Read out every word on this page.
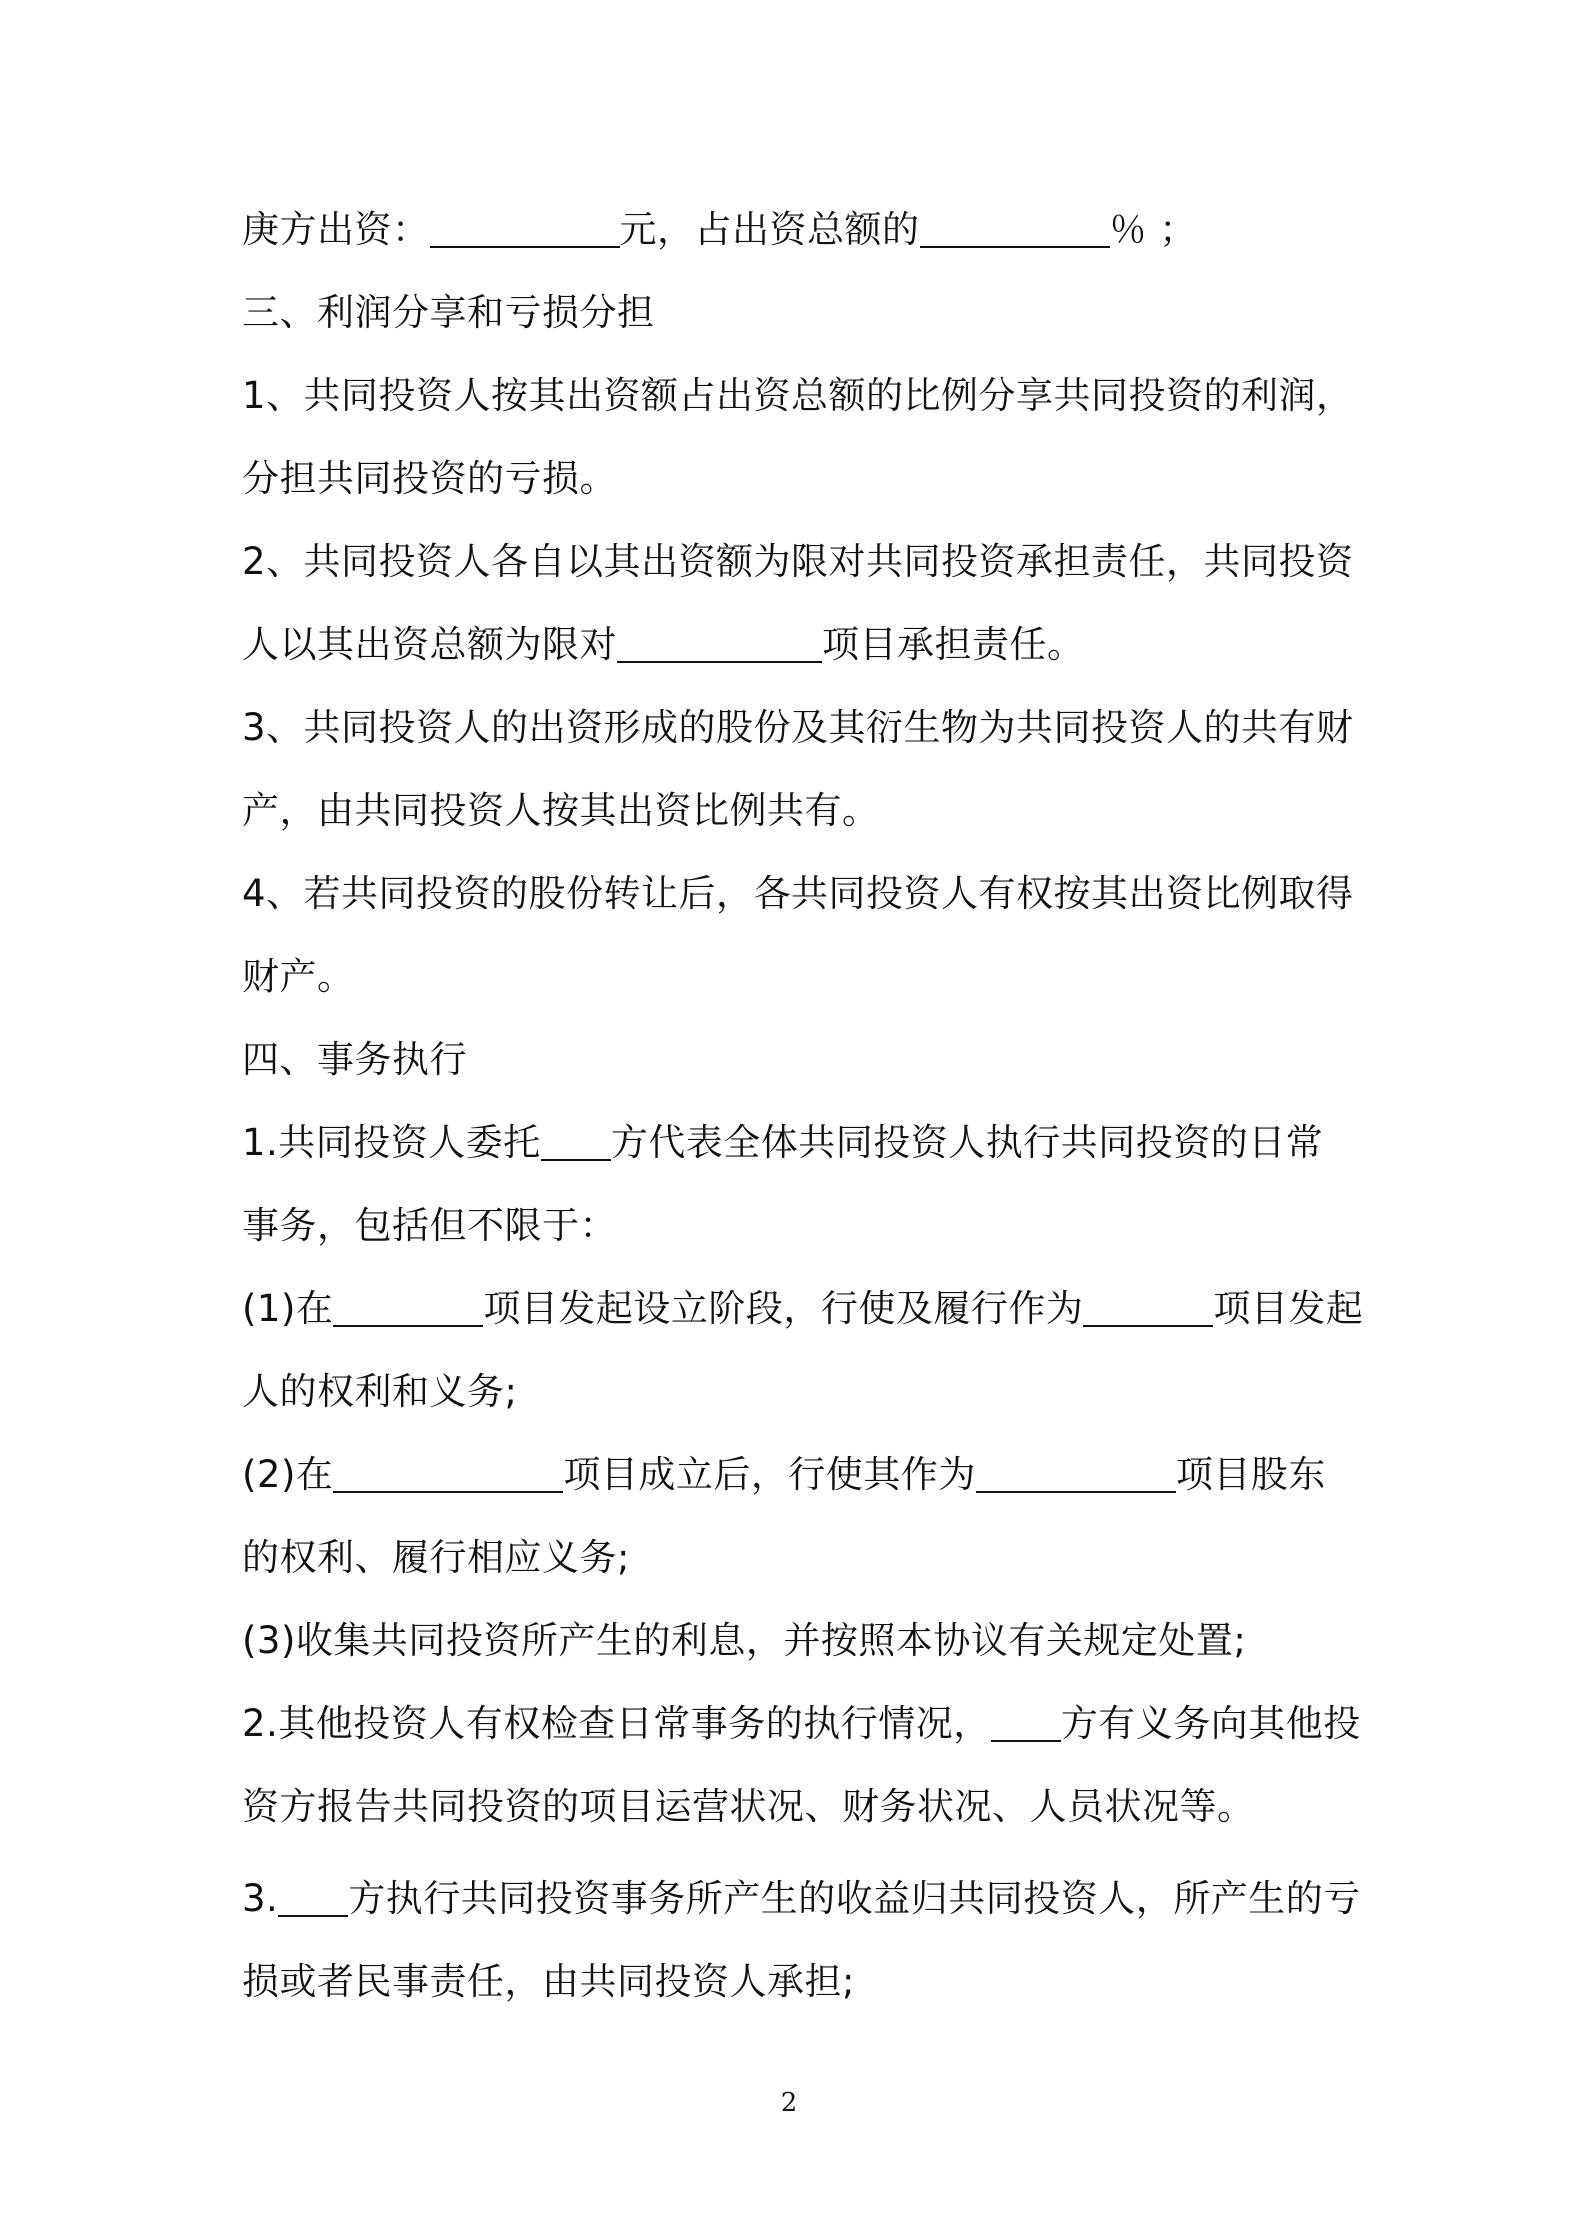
庚方出资：	元，占出资总额的	％ ；
三、利润分享和亏损分担
1、共同投资人按其出资额占出资总额的比例分享共同投资的利润，
分担共同投资的亏损。
2、共同投资人各自以其出资额为限对共同投资承担责任，共同投资
人以其出资总额为限对	项目承担责任。
3、共同投资人的出资形成的股份及其衍生物为共同投资人的共有财
产，由共同投资人按其出资比例共有。
4、若共同投资的股份转让后，各共同投资人有权按其出资比例取得
财产。
四、事务执行
1.共同投资人委托 方代表全体共同投资人执行共同投资的日常
事务，包括但不限于：
(1)在	项目发起设立阶段，行使及履行作为	项目发起
人的权利和义务;
(2)在	项目成立后，行使其作为	项目股东
的权利、履行相应义务;
(3)收集共同投资所产生的利息，并按照本协议有关规定处置;
2.其他投资人有权检查日常事务的执行情况， 方有义务向其他投
资方报告共同投资的项目运营状况、财务状况、人员状况等。
3. 方执行共同投资事务所产生的收益归共同投资人，所产生的亏
损或者民事责任，由共同投资人承担;
2
